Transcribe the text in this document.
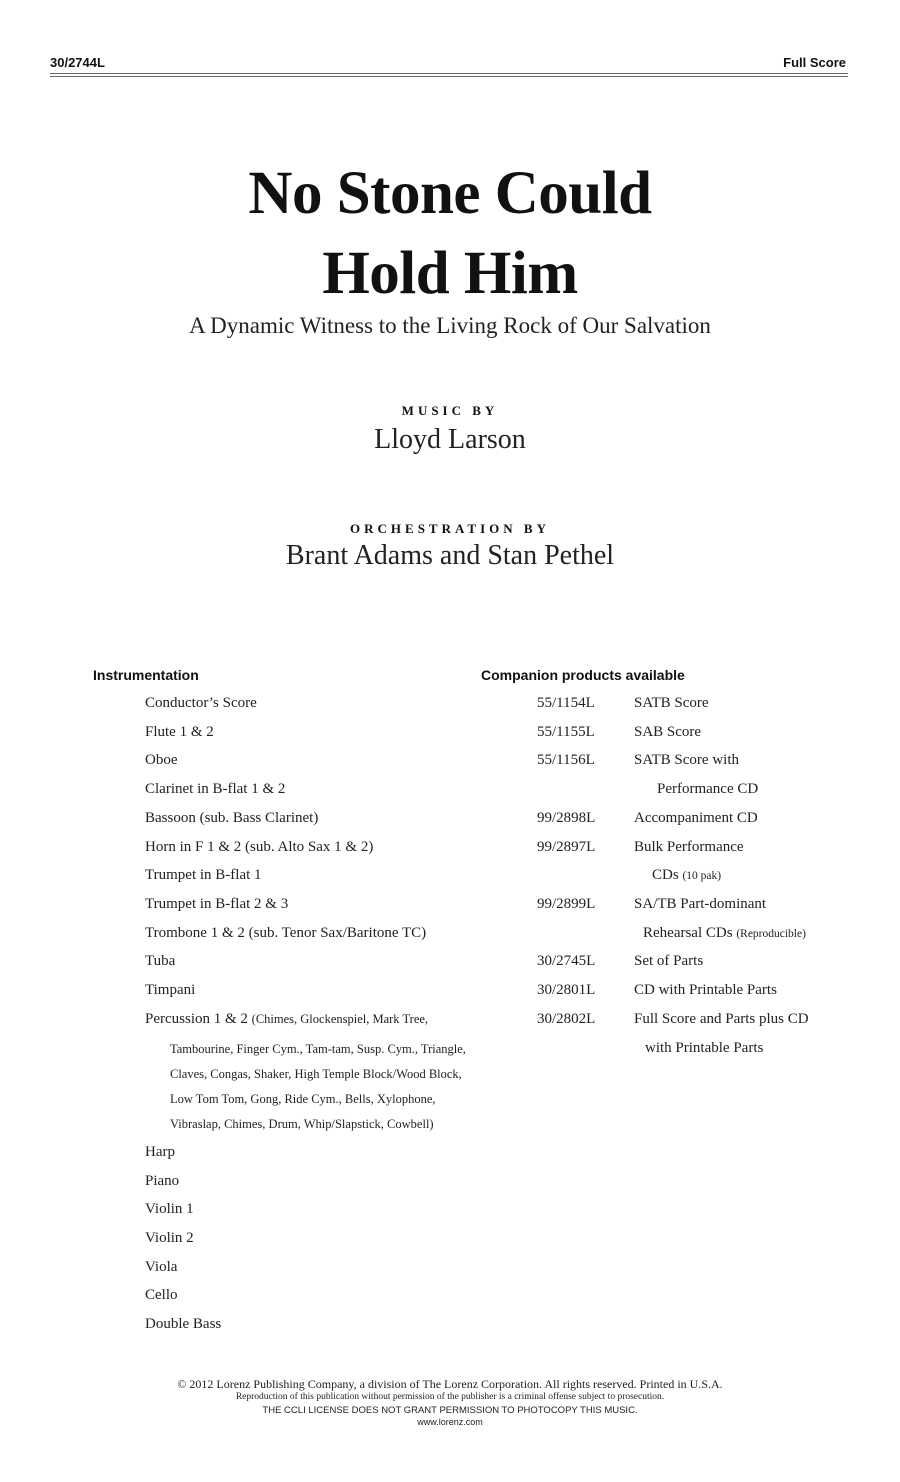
30/2744L	Full Score
No Stone Could
Hold Him
A Dynamic Witness to the Living Rock of Our Salvation
MUSIC BY
Lloyd Larson
ORCHESTRATION BY
Brant Adams and Stan Pethel
Instrumentation
Conductor’s Score
Flute 1 & 2
Oboe
Clarinet in B-flat 1 & 2
Bassoon (sub. Bass Clarinet)
Horn in F 1 & 2 (sub. Alto Sax 1 & 2)
Trumpet in B-flat 1
Trumpet in B-flat 2 & 3
Trombone 1 & 2 (sub. Tenor Sax/Baritone TC)
Tuba
Timpani
Percussion 1 & 2 (Chimes, Glockenspiel, Mark Tree,
Tambourine, Finger Cym., Tam-tam, Susp. Cym., Triangle,
Claves, Congas, Shaker, High Temple Block/Wood Block,
Low Tom Tom, Gong, Ride Cym., Bells, Xylophone,
Vibraslap, Chimes, Drum, Whip/Slapstick, Cowbell)
Harp
Piano
Violin 1
Violin 2
Viola
Cello
Double Bass
Companion products available
55/1154L	SATB Score
55/1155L	SAB Score
55/1156L	SATB Score with
Performance CD
99/2898L	Accompaniment CD
99/2897L	Bulk Performance
CDs (10 pak)
99/2899L	SA/TB Part-dominant
Rehearsal CDs (Reproducible)
30/2745L	Set of Parts
30/2801L	CD with Printable Parts
30/2802L	Full Score and Parts plus CD
with Printable Parts
© 2012 Lorenz Publishing Company, a division of The Lorenz Corporation. All rights reserved. Printed in U.S.A.
Reproduction of this publication without permission of the publisher is a criminal offense subject to prosecution.
THE CCLI LICENSE DOES NOT GRANT PERMISSION TO PHOTOCOPY THIS MUSIC.
www.lorenz.com
